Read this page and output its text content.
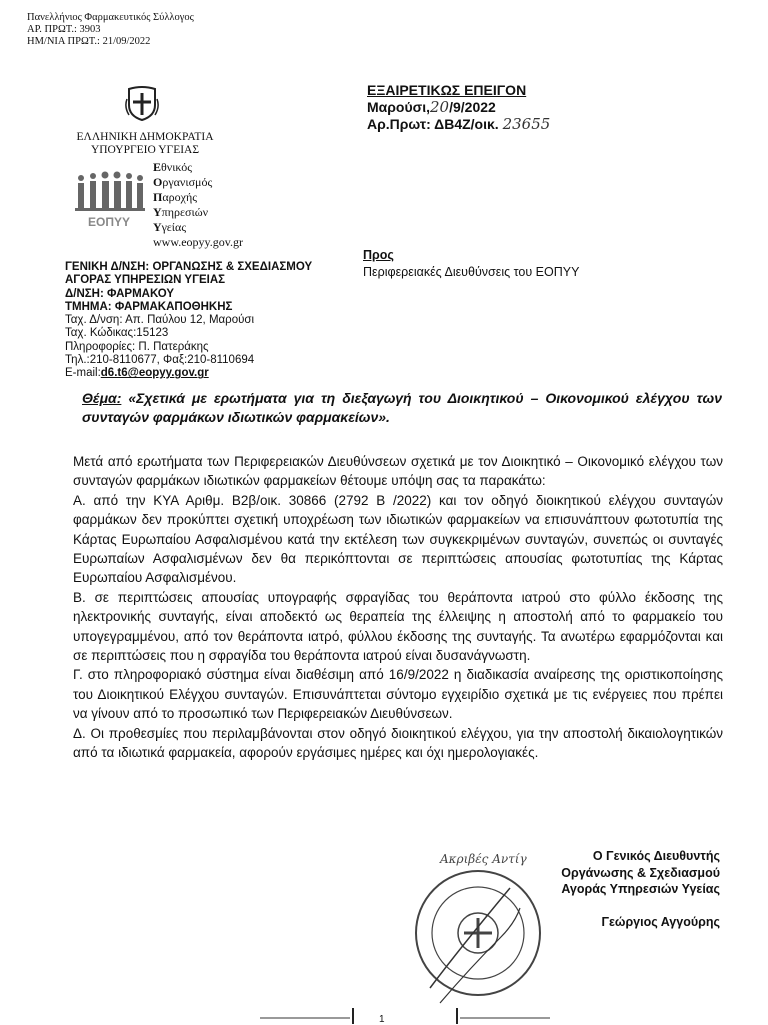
Πανελλήνιος Φαρμακευτικός Σύλλογος
ΑΡ. ΠΡΩΤ.: 3903
ΗΜ/ΝΙΑ ΠΡΩΤ.: 21/09/2022
ΕΞΑΙΡΕΤΙΚΩΣ ΕΠΕΙΓΟΝ
Μαρούσι,20/9/2022
Αρ.Πρωτ: ΔΒ4Ζ/οικ. 23655
ΕΛΛΗΝΙΚΗ ΔΗΜΟΚΡΑΤΙΑ
ΥΠΟΥΡΓΕΙΟ ΥΓΕΙΑΣ
ΕΟΠΥΥ
Εθνικός
Οργανισμός
Παροχής
Υπηρεσιών
Υγείας
www.eopyy.gov.gr
Προς
Περιφερειακές Διευθύνσεις του ΕΟΠΥΥ
ΓΕΝΙΚΗ Δ/ΝΣΗ: ΟΡΓΑΝΩΣΗΣ & ΣΧΕΔΙΑΣΜΟΥ
ΑΓΟΡΑΣ ΥΠΗΡΕΣΙΩΝ ΥΓΕΙΑΣ
Δ/ΝΣΗ: ΦΑΡΜΑΚΟΥ
ΤΜΗΜΑ: ΦΑΡΜΑΚΑΠΟΘΗΚΗΣ
Ταχ. Δ/νση: Απ. Παύλου 12, Μαρούσι
Ταχ. Κώδικας:15123
Πληροφορίες: Π. Πατεράκης
Τηλ.:210-8110677, Φαξ:210-8110694
E-mail:d6.t6@eopyy.gov.gr
Θέμα: «Σχετικά με ερωτήματα για τη διεξαγωγή του Διοικητικού – Οικονομικού ελέγχου των συνταγών φαρμάκων ιδιωτικών φαρμακείων».

Μετά από ερωτήματα των Περιφερειακών Διευθύνσεων σχετικά με τον Διοικητικό – Οικονομικό ελέγχου των συνταγών φαρμάκων ιδιωτικών φαρμακείων θέτουμε υπόψη σας τα παρακάτω:

Α. από την ΚΥΑ Αριθμ. Β2β/οικ. 30866 (2792 Β /2022) και τον οδηγό διοικητικού ελέγχου συνταγών φαρμάκων δεν προκύπτει σχετική υποχρέωση των ιδιωτικών φαρμακείων να επισυνάπτουν φωτοτυπία της Κάρτας Ευρωπαίου Ασφαλισμένου κατά την εκτέλεση των συγκεκριμένων συνταγών, συνεπώς οι συνταγές Ευρωπαίων Ασφαλισμένων δεν θα περικόπτονται σε περιπτώσεις απουσίας φωτοτυπίας της Κάρτας Ευρωπαίου Ασφαλισμένου.

Β. σε περιπτώσεις απουσίας υπογραφής σφραγίδας του θεράποντα ιατρού στο φύλλο έκδοσης της ηλεκτρονικής συνταγής, είναι αποδεκτό ως θεραπεία της έλλειψης η αποστολή από το φαρμακείο του υπογεγραμμένου, από τον θεράποντα ιατρό, φύλλου έκδοσης της συνταγής. Τα ανωτέρω εφαρμόζονται και σε περιπτώσεις που η σφραγίδα του θεράποντα ιατρού είναι δυσανάγνωστη.

Γ. στο πληροφοριακό σύστημα είναι διαθέσιμη από 16/9/2022 η διαδικασία αναίρεσης της οριστικοποίησης του Διοικητικού Ελέγχου συνταγών. Επισυνάπτεται σύντομο εγχειρίδιο σχετικά με τις ενέργειες που πρέπει να γίνουν από το προσωπικό των Περιφερειακών Διευθύνσεων.

Δ. Οι προθεσμίες που περιλαμβάνονται στον οδηγό διοικητικού ελέγχου, για την αποστολή δικαιολογητικών από τα ιδιωτικά φαρμακεία, αφορούν εργάσιμες ημέρες και όχι ημερολογιακές.

Ακριβές Αντίγ	Ο Γενικός Διευθυντής
Οργάνωσης & Σχεδιασμού
Αγοράς Υπηρεσιών Υγείας
Γεώργιος Αγγούρης
1
